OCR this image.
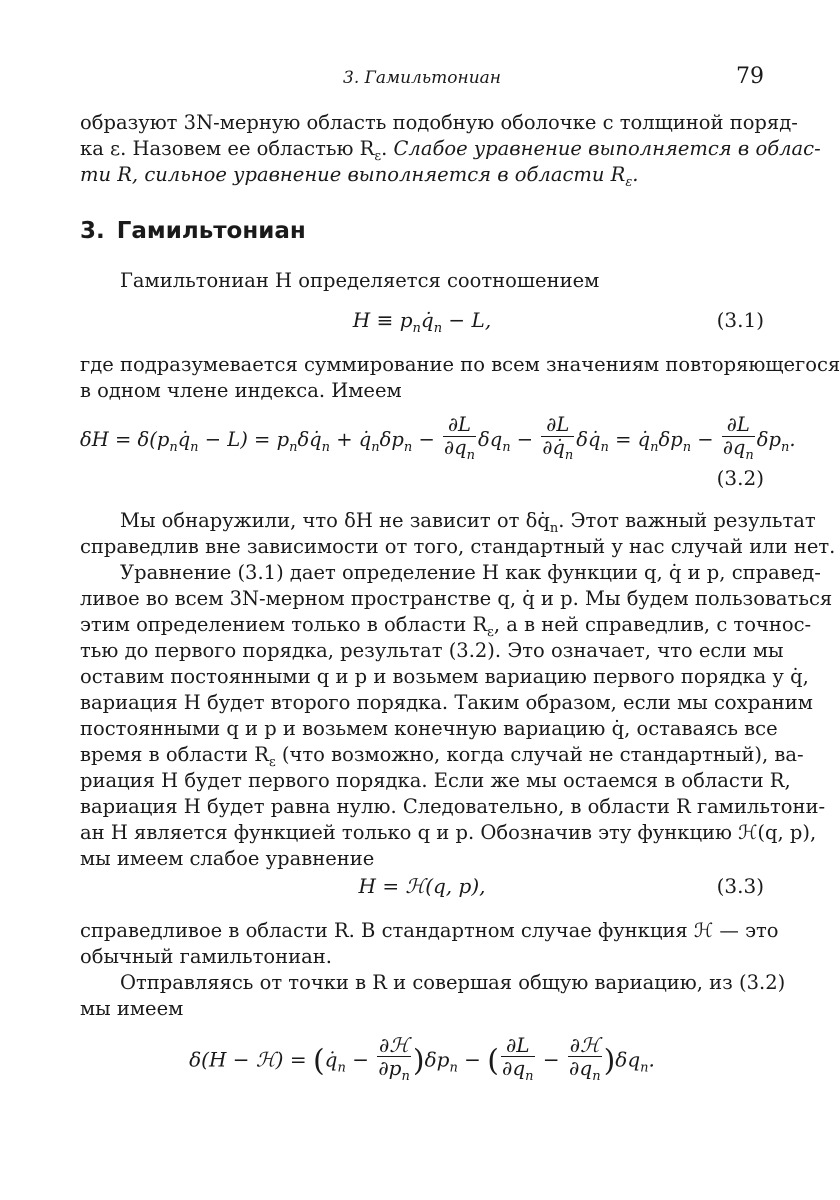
3. Гамильтониан	79
образуют 3N-мерную область подобную оболочке с толщиной поряд-
ка ε. Назовем ее областью $R_\varepsilon$. Слабое уравнение выполняется в облас-
ти R, сильное уравнение выполняется в области $R_\varepsilon$.
3. Гамильтониан
Гамильтониан H определяется соотношением
$H \equiv p_nq̇_n - L$,	(3.1)
где подразумевается суммирование по всем значениям повторяющегося
в одном члене индекса. Имеем
$\delta H = \delta(p_nq̇_n - L)$ = $p_n\delta q̇_n$ + $q̇_n\delta p_n - \frac{\partial L}{\partial q_n} \delta q_n - \frac{\partial L}{\partial q̇_n}$ $\delta q̇_n$ = $q̇_n\delta p_n - \frac{\partial L}{\partial q_n} \delta p_n$.
(3.2)
Мы обнаружили, что δH не зависит от $\delta q̇_n$. Этот важный результат
справедлив вне зависимости от того, стандартный у нас случай или нет.
Уравнение (3.1) дает определение H как функции q, q̇ и p, справед-
ливое во всем 3N-мерном пространстве q, q̇ и p. Мы будем пользоваться
этим определением только в области $R_\varepsilon$, а в ней справедлив, с точнос-
тью до первого порядка, результат (3.2). Это означает, что если мы
оставим постоянными q и p и возьмем вариацию первого порядка у q̇,
вариация H будет второго порядка. Таким образом, если мы сохраним
постоянными q и p и возьмем конечную вариацию q̇, оставаясь все
время в области $R_\varepsilon$ (что возможно, когда случай не стандартный), ва-
риация H будет первого порядка. Если же мы остаемся в области R,
вариация H будет равна нулю. Следовательно, в области R гамильтони-
ан H является функцией только q и p. Обозначив эту функцию ℋ(q, p),
мы имеем слабое уравнение
H = ℋ(q, p),	(3.3)
справедливое в области R. В стандартном случае функция ℋ — это
обычный гамильтониан.
Отправляясь от точки в R и совершая общую вариацию, из (3.2)
мы имеем
δ(H − ℋ) = $(q̇_n - \frac{\text{∂ℋ}}{\partial p_n} )\delta p_n$ − ( $\frac{\partial L}{\partial q_n} - \frac{\text{∂ℋ}}{\partial q_n} )\delta q_n$.
